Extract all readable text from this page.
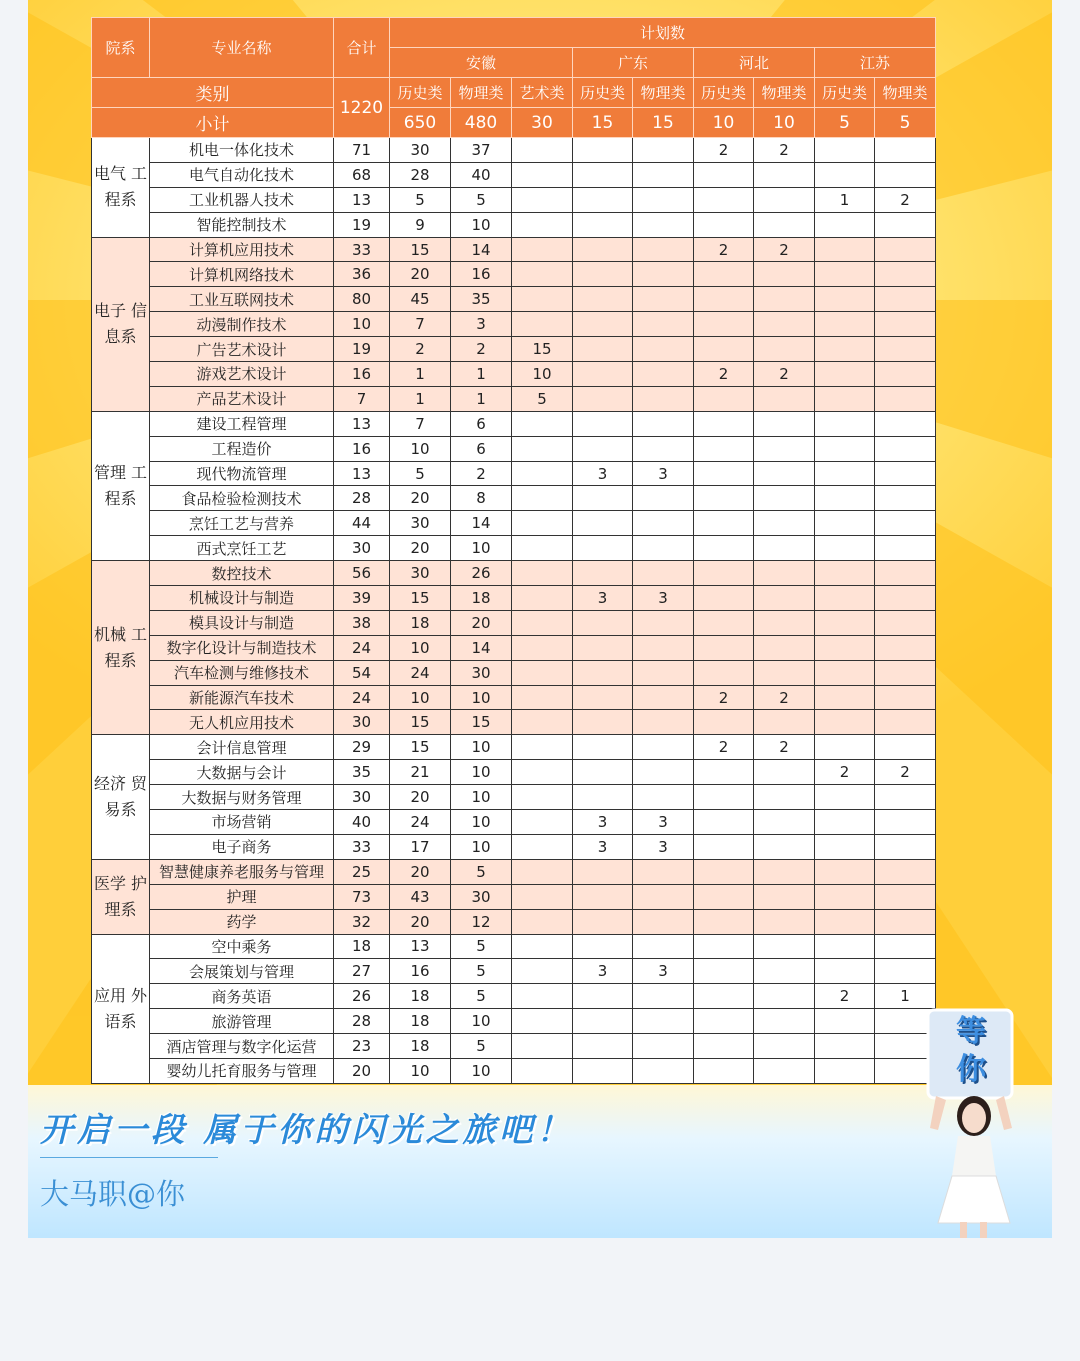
院系	专业名称	合计	计划数								
			安徽			广东		河北		江苏	
类别		1220	历史类	物理类	艺术类	历史类	物理类	历史类	物理类	历史类	物理类
小计			650	480	30	15	15	10	10	5	5
电气 工程系	机电一体化技术	71	30	37				2	2		
	电气自动化技术	68	28	40							
	工业机器人技术	13	5	5						1	2
	智能控制技术	19	9	10							
电子 信息系	计算机应用技术	33	15	14				2	2		
	计算机网络技术	36	20	16							
	工业互联网技术	80	45	35							
	动漫制作技术	10	7	3							
	广告艺术设计	19	2	2	15						
	游戏艺术设计	16	1	1	10			2	2		
	产品艺术设计	7	1	1	5						
管理 工程系	建设工程管理	13	7	6							
	工程造价	16	10	6							
	现代物流管理	13	5	2		3	3				
	食品检验检测技术	28	20	8							
	烹饪工艺与营养	44	30	14							
	西式烹饪工艺	30	20	10							
机械 工程系	数控技术	56	30	26							
	机械设计与制造	39	15	18		3	3				
	模具设计与制造	38	18	20							
	数字化设计与制造技术	24	10	14							
	汽车检测与维修技术	54	24	30							
	新能源汽车技术	24	10	10				2	2		
	无人机应用技术	30	15	15							
经济 贸易系	会计信息管理	29	15	10				2	2		
	大数据与会计	35	21	10						2	2
	大数据与财务管理	30	20	10							
	市场营销	40	24	10		3	3				
	电子商务	33	17	10		3	3				
医学 护理系	智慧健康养老服务与管理	25	20	5							
	护理	73	43	30							
	药学	32	20	12							
应用 外语系	空中乘务	18	13	5							
	会展策划与管理	27	16	5		3	3				
	商务英语	26	18	5						2	1
	旅游管理	28	18	10							
	酒店管理与数字化运营	23	18	5							
	婴幼儿托育服务与管理	20	10	10							
开启一段 属于你的闪光之旅吧！
大马职@你
等你
